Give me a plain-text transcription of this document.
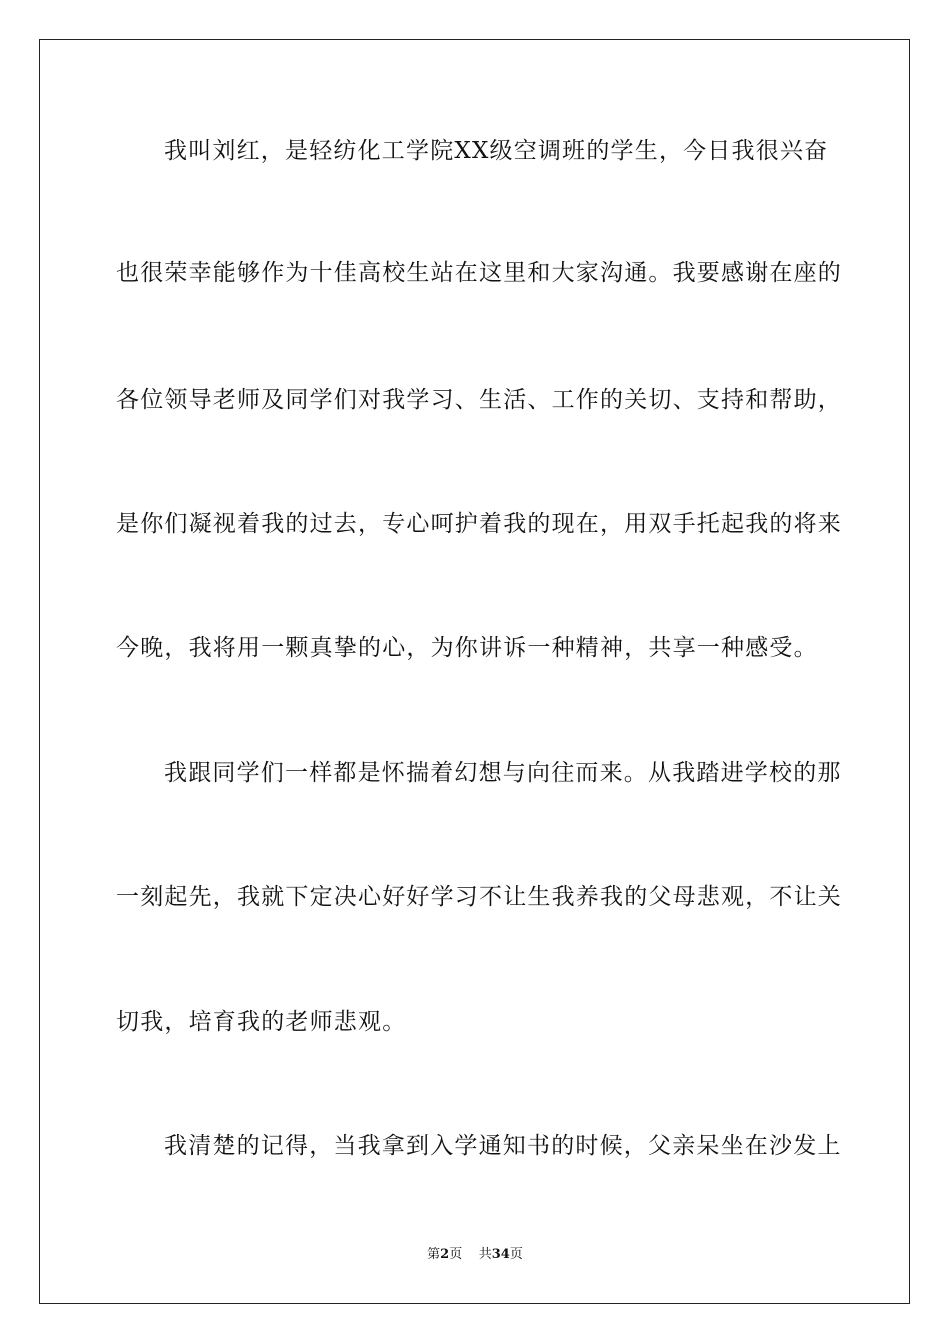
我叫刘红，是轻纺化工学院XX级空调班的学生，今日我很兴奋
也很荣幸能够作为十佳高校生站在这里和大家沟通。我要感谢在座的
各位领导老师及同学们对我学习、生活、工作的关切、支持和帮助，
是你们凝视着我的过去，专心呵护着我的现在，用双手托起我的将来
今晚，我将用一颗真挚的心，为你讲诉一种精神，共享一种感受。
我跟同学们一样都是怀揣着幻想与向往而来。从我踏进学校的那
一刻起先，我就下定决心好好学习不让生我养我的父母悲观，不让关
切我，培育我的老师悲观。
我清楚的记得，当我拿到入学通知书的时候，父亲呆坐在沙发上
第2页 共34页
